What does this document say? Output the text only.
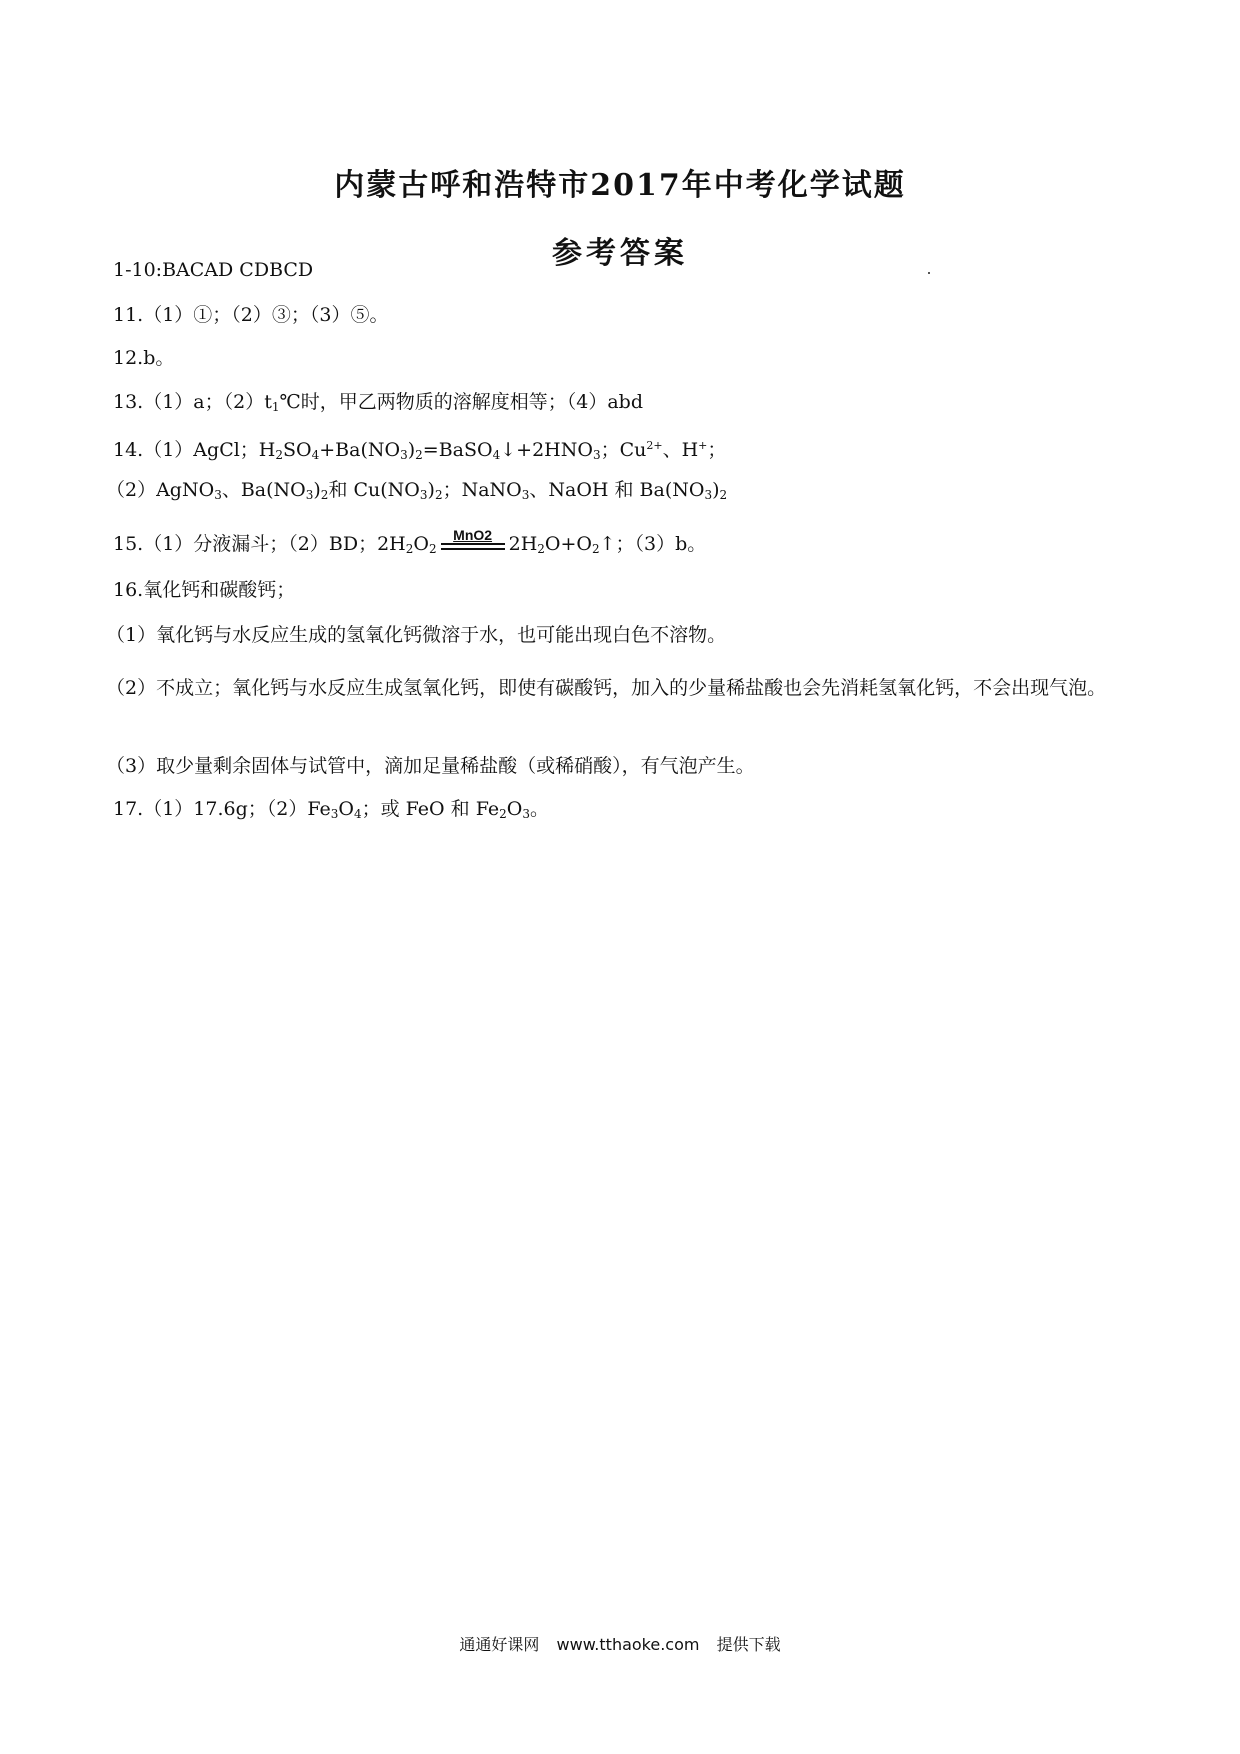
内蒙古呼和浩特市2017年中考化学试题
参考答案
1-10:BACAD CDBCD
11.（1）①；（2）③；（3）⑤。
12.b。
13.（1）a；$(2)t_1℃$时，甲乙两物质的溶解度相等；（4）abd
14.（1）AgCl；$H_2SO_4+Ba(NO_3)_2=BaSO_4↓+2HNO_3$；$Cu^{2+}$、H+；
（2）AgNO$_3$、$Ba(NO_3)_2$和 $Cu(NO_3)_2$；NaNO$_3$、NaOH 和 $Ba(NO_3)_2$
15.（1）分液漏斗；（2）BD；$2H_2O_2$
MnO2 $2H_2O+O_2↑$；（3）b。
16.氧化钙和碳酸钙；
（1）氧化钙与水反应生成的氢氧化钙微溶于水，也可能出现白色不溶物。
（2）不成立；氧化钙与水反应生成氢氧化钙，即使有碳酸钙，加入的少量稀盐酸也会先消耗氢氧化钙，不会出现气泡。
（3）取少量剩余固体与试管中，滴加足量稀盐酸（或稀硝酸），有气泡产生。
17.（1）17.6g；$(2)Fe_3O_4$；或 FeO 和 $Fe_2O_3$。
通通好课网 www.tthaoke.com 提供下载
